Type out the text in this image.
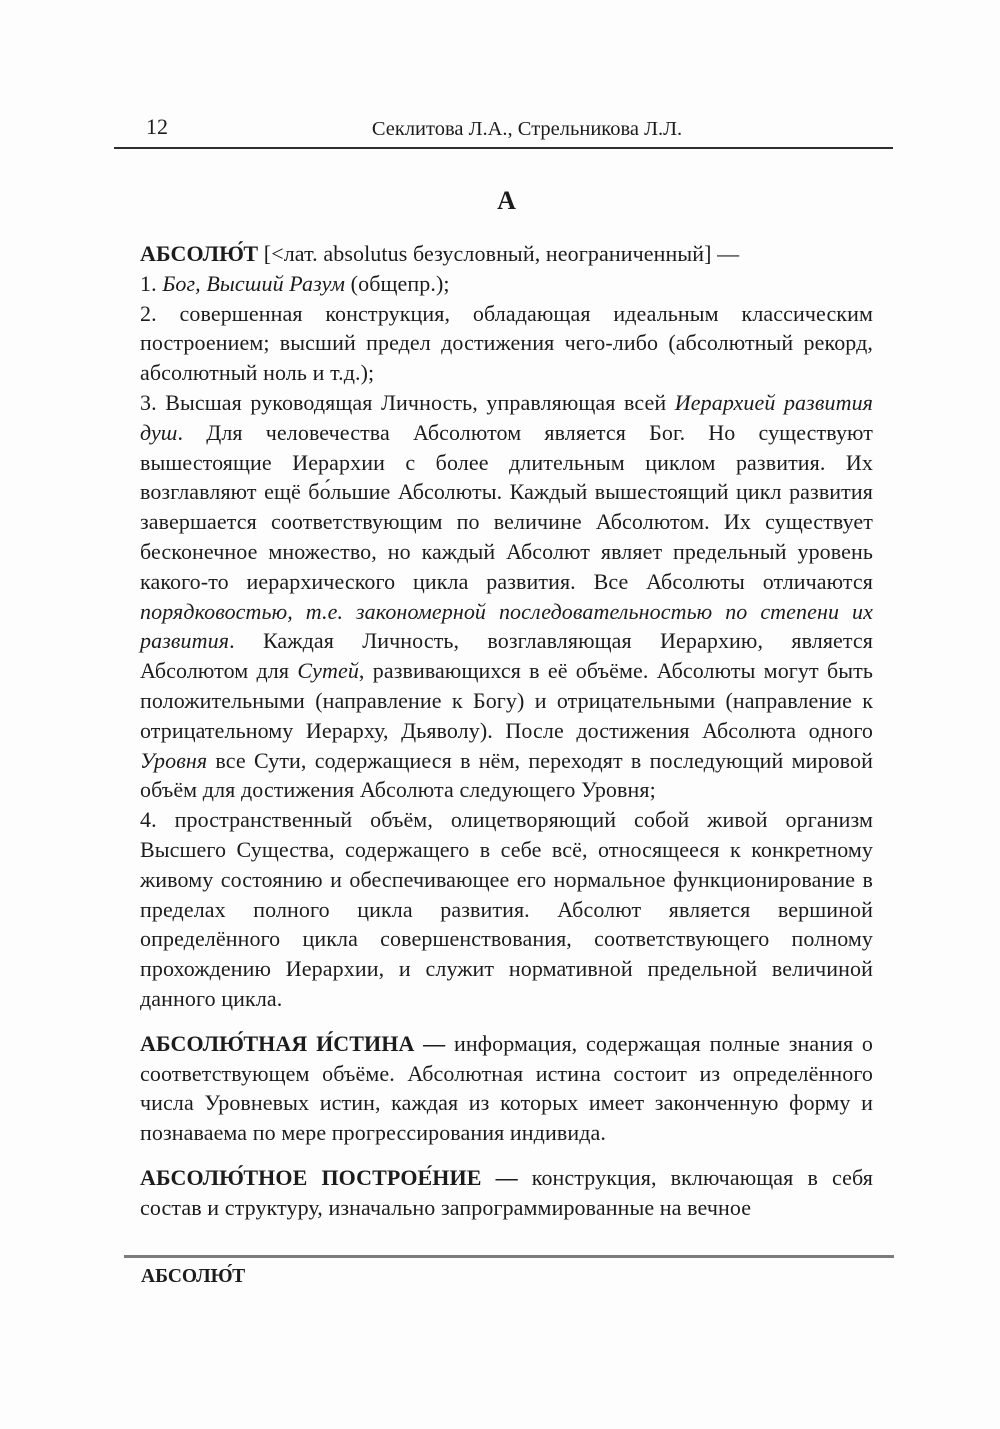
12	Секлитова Л.А., Стрельникова Л.Л.
А

АБСОЛЮ́Т [<лат. absolutus безусловный, неограниченный] —

1. Бог, Высший Разум (общепр.);

2. совершенная конструкция, обладающая идеальным классическим построением; высший предел достижения чего-либо (абсолютный рекорд, абсолютный ноль и т.д.);

3. Высшая руководящая Личность, управляющая всей Иерархией развития душ. Для человечества Абсолютом является Бог. Но существуют вышестоящие Иерархии с более длительным циклом развития. Их возглавляют ещё бо́льшие Абсолюты. Каждый вышестоящий цикл развития завершается соответствующим по величине Абсолютом. Их существует бесконечное множество, но каждый Абсолют являет предельный уровень какого-то иерархического цикла развития. Все Абсолюты отличаются порядковостью, т.е. закономерной последовательностью по степени их развития. Каждая Личность, возглавляющая Иерархию, является Абсолютом для Сутей, развивающихся в её объёме. Абсолюты могут быть положительными (направление к Богу) и отрицательными (направление к отрицательному Иерарху, Дьяволу). После достижения Абсолюта одного Уровня все Сути, содержащиеся в нём, переходят в последующий мировой объём для достижения Абсолюта следующего Уровня;

4. пространственный объём, олицетворяющий собой живой организм Высшего Существа, содержащего в себе всё, относящееся к конкретному живому состоянию и обеспечивающее его нормальное функционирование в пределах полного цикла развития. Абсолют является вершиной определённого цикла совершенствования, соответствующего полному прохождению Иерархии, и служит нормативной предельной величиной данного цикла.

АБСОЛЮ́ТНАЯ И́СТИНА — информация, содержащая полные знания о соответствующем объёме. Абсолютная истина состоит из определённого числа Уровневых истин, каждая из которых имеет законченную форму и познаваема по мере прогрессирования индивида.

АБСОЛЮ́ТНОЕ ПОСТРОЕ́НИЕ — конструкция, включающая в себя состав и структуру, изначально запрограммированные на вечное

АБСОЛЮ́Т
